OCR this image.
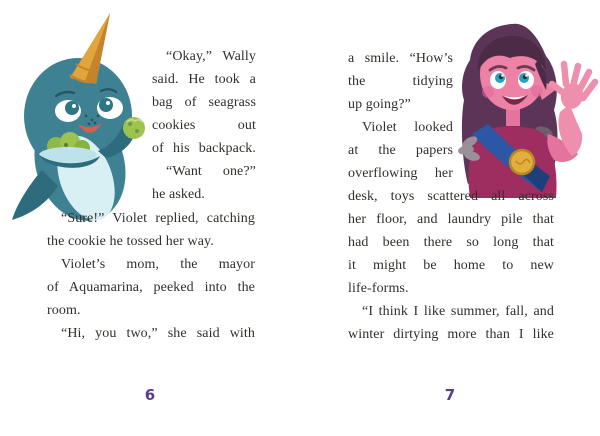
“Okay,” Wally
said. He took a
bag of seagrass
cookies out
of his backpack.
“Want one?”
he asked.
“Sure!” Violet replied, catching
the cookie he tossed her way.
Violet’s mom, the mayor
of Aquamarina, peeked into the
room.
“Hi, you two,” she said with
6
a smile. “How’s
the tidying
up going?”
Violet looked
at the papers
overflowing her
desk, toys scattered all across
her floor, and laundry pile that
had been there so long that
it might be home to new
life-forms.
“I think I like summer, fall, and
winter dirtying more than I like
7
